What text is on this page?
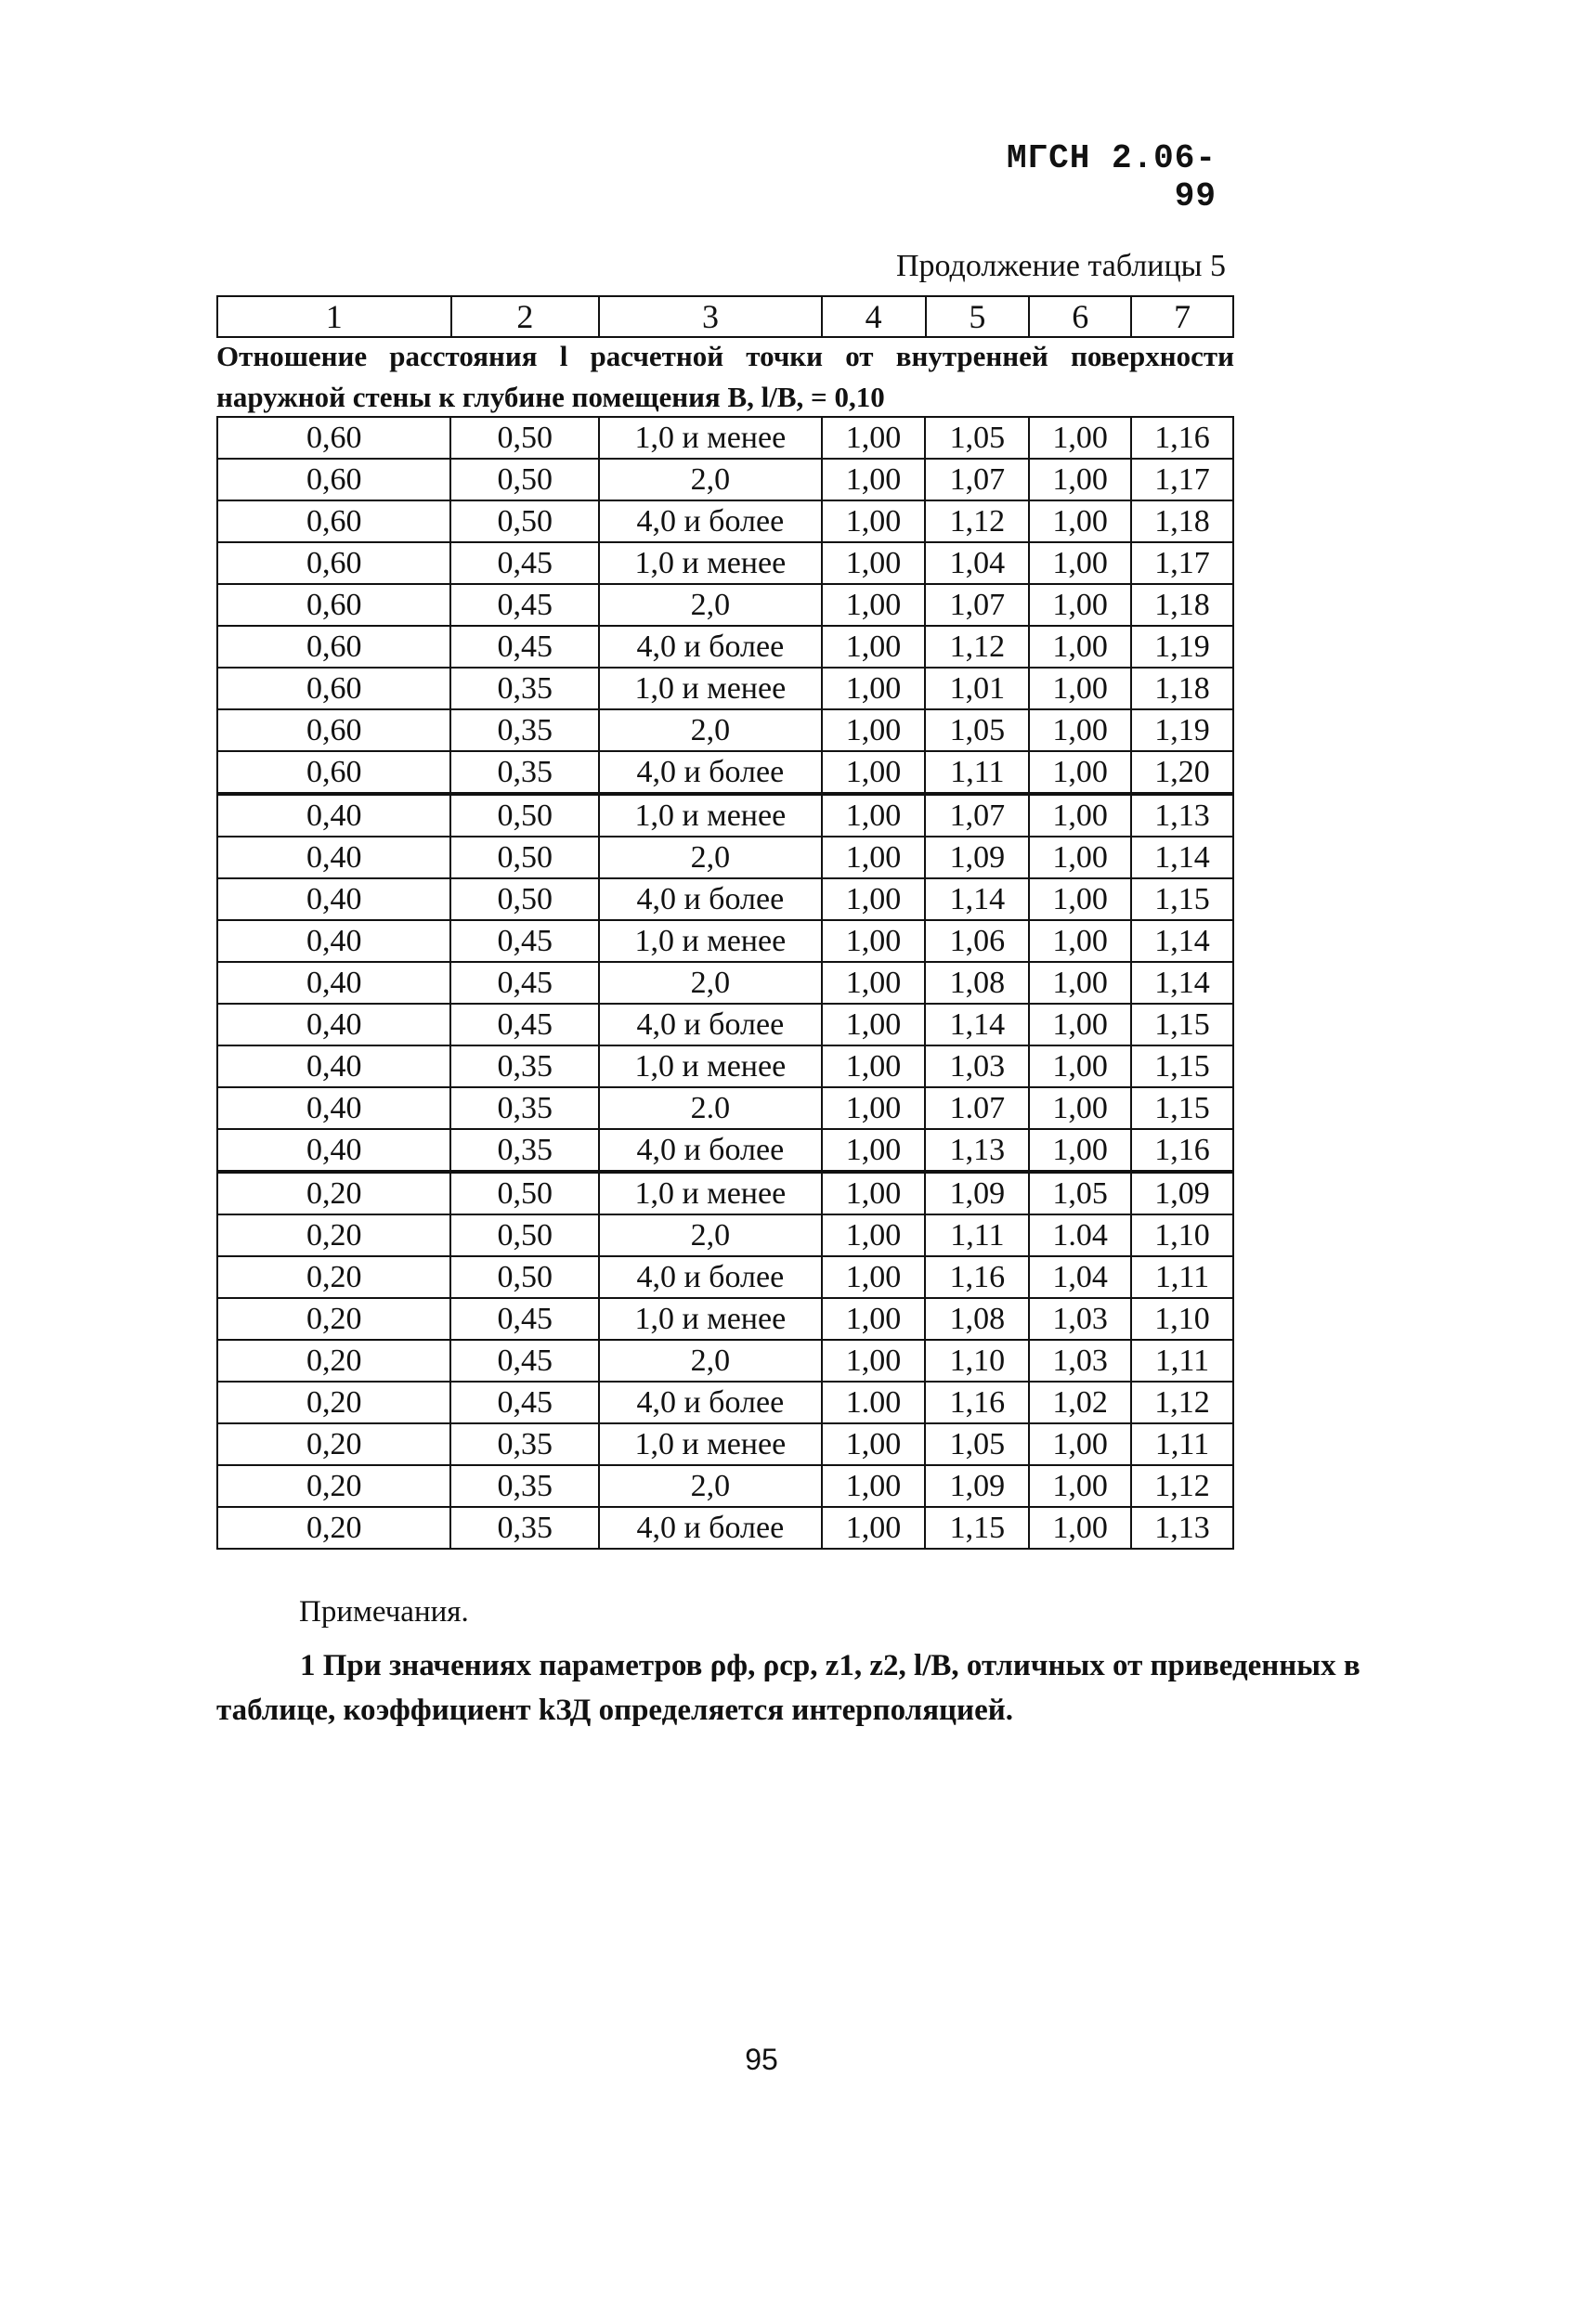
МГСН 2.06-99
Продолжение таблицы 5
1	2	3	4	5	6	7
Отношение расстояния l расчетной точки от внутренней поверхности
наружной стены к глубине помещения B, l/B, = 0,10
0,60	0,50	1,0 и менее	1,00	1,05	1,00	1,16
0,60	0,50	2,0	1,00	1,07	1,00	1,17
0,60	0,50	4,0 и более	1,00	1,12	1,00	1,18
0,60	0,45	1,0 и менее	1,00	1,04	1,00	1,17
0,60	0,45	2,0	1,00	1,07	1,00	1,18
0,60	0,45	4,0 и более	1,00	1,12	1,00	1,19
0,60	0,35	1,0 и менее	1,00	1,01	1,00	1,18
0,60	0,35	2,0	1,00	1,05	1,00	1,19
0,60	0,35	4,0 и более	1,00	1,11	1,00	1,20
0,40	0,50	1,0 и менее	1,00	1,07	1,00	1,13
0,40	0,50	2,0	1,00	1,09	1,00	1,14
0,40	0,50	4,0 и более	1,00	1,14	1,00	1,15
0,40	0,45	1,0 и менее	1,00	1,06	1,00	1,14
0,40	0,45	2,0	1,00	1,08	1,00	1,14
0,40	0,45	4,0 и более	1,00	1,14	1,00	1,15
0,40	0,35	1,0 и менее	1,00	1,03	1,00	1,15
0,40	0,35	2.0	1,00	1.07	1,00	1,15
0,40	0,35	4,0 и более	1,00	1,13	1,00	1,16
0,20	0,50	1,0 и менее	1,00	1,09	1,05	1,09
0,20	0,50	2,0	1,00	1,11	1.04	1,10
0,20	0,50	4,0 и более	1,00	1,16	1,04	1,11
0,20	0,45	1,0 и менее	1,00	1,08	1,03	1,10
0,20	0,45	2,0	1,00	1,10	1,03	1,11
0,20	0,45	4,0 и более	1.00	1,16	1,02	1,12
0,20	0,35	1,0 и менее	1,00	1,05	1,00	1,11
0,20	0,35	2,0	1,00	1,09	1,00	1,12
0,20	0,35	4,0 и более	1,00	1,15	1,00	1,13
Примечания.
1 При значениях параметров ρф, ρср, z1, z2, l/B, отличных от приведенных в таблице, коэффициент kЗД определяется интерполяцией.
95
